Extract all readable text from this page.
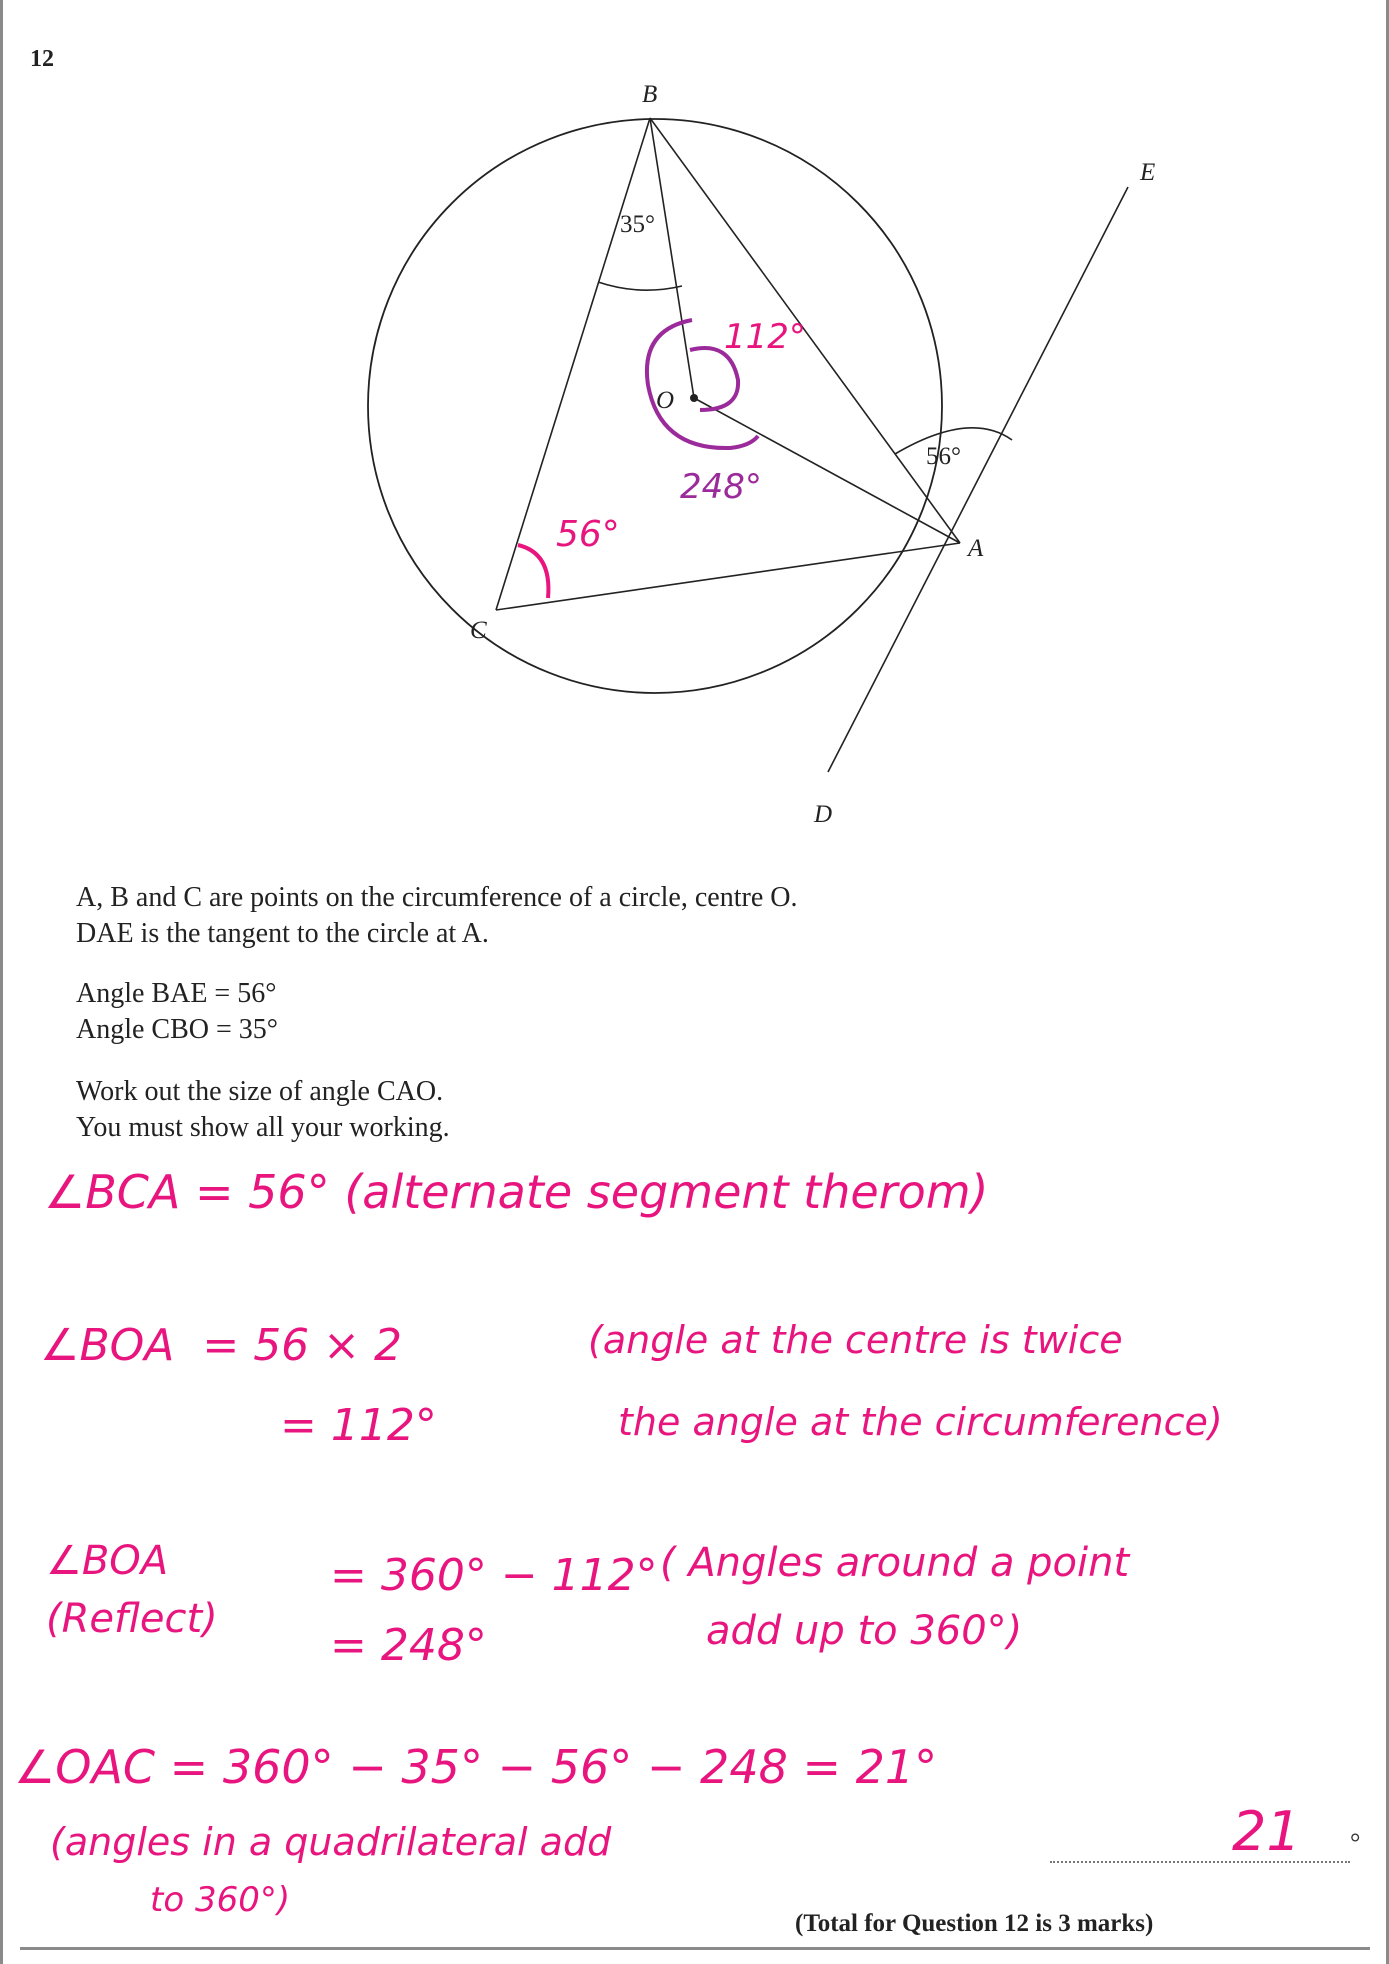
12
B
E
O
A
C
D
35°
56°
112°
248°
56°
A, B and C are points on the circumference of a circle, centre O.
DAE is the tangent to the circle at A.
Angle BAE = 56°
Angle CBO = 35°
Work out the size of angle CAO.
You must show all your working.
∠BCA = 56° (alternate segment therom)
∠BOA  = 56 × 2
= 112°
(angle at the centre is twice
the angle at the circumference)
∠BOA
(Reflect)
= 360° − 112°
= 248°
( Angles around a point
add up to 360°)
∠OAC = 360° − 35° − 56° − 248 = 21°
(angles in a quadrilateral add
to 360°)
21 °
(Total for Question 12 is 3 marks)
